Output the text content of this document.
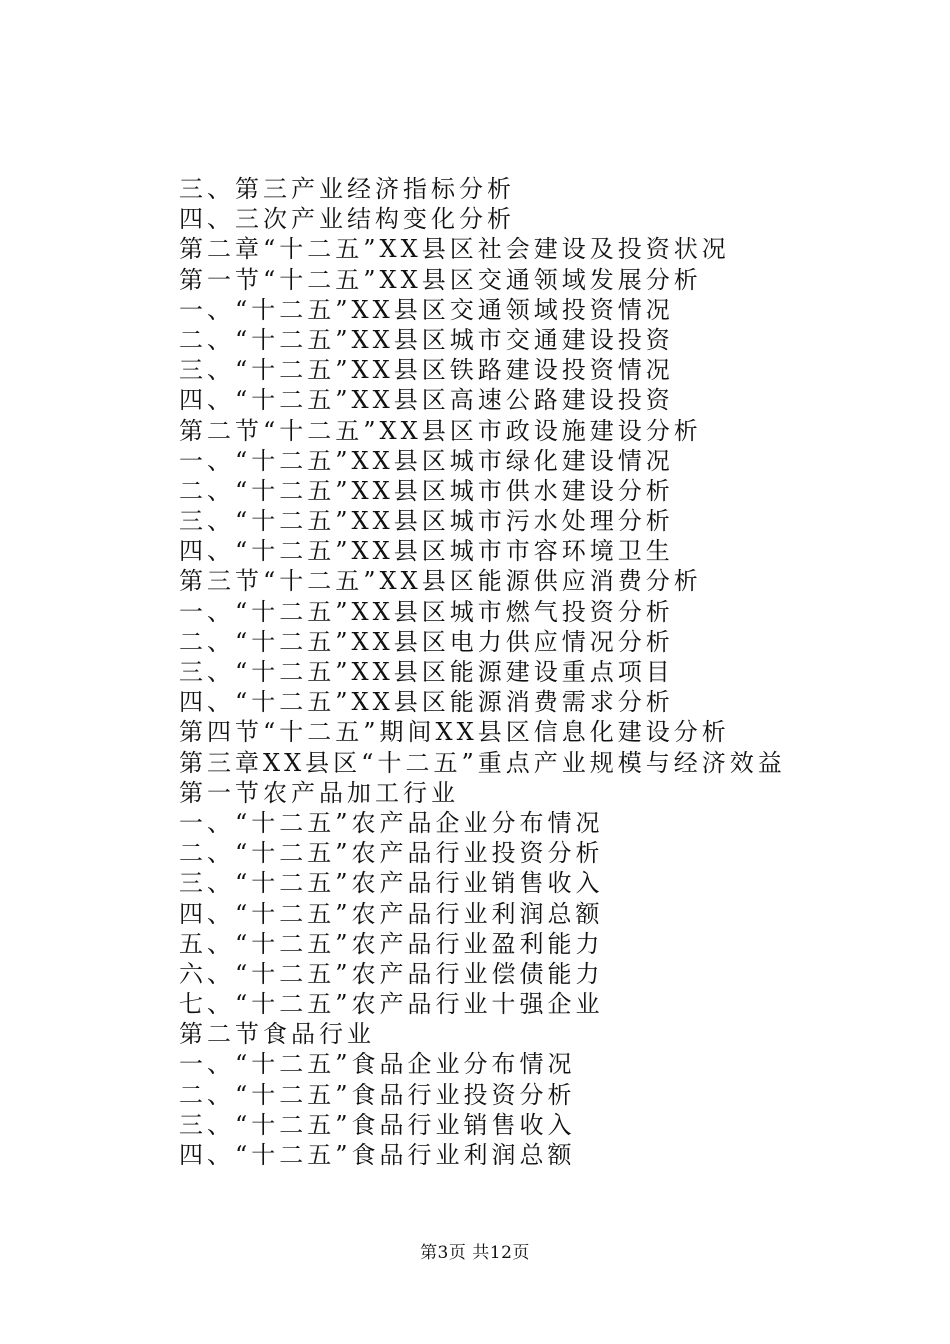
三、第三产业经济指标分析
四、三次产业结构变化分析
第二章“十二五”XX县区社会建设及投资状况
第一节“十二五”XX县区交通领域发展分析
一、“十二五”XX县区交通领域投资情况
二、“十二五”XX县区城市交通建设投资
三、“十二五”XX县区铁路建设投资情况
四、“十二五”XX县区高速公路建设投资
第二节“十二五”XX县区市政设施建设分析
一、“十二五”XX县区城市绿化建设情况
二、“十二五”XX县区城市供水建设分析
三、“十二五”XX县区城市污水处理分析
四、“十二五”XX县区城市市容环境卫生
第三节“十二五”XX县区能源供应消费分析
一、“十二五”XX县区城市燃气投资分析
二、“十二五”XX县区电力供应情况分析
三、“十二五”XX县区能源建设重点项目
四、“十二五”XX县区能源消费需求分析
第四节“十二五”期间XX县区信息化建设分析
第三章XX县区“十二五”重点产业规模与经济效益
第一节农产品加工行业
一、“十二五”农产品企业分布情况
二、“十二五”农产品行业投资分析
三、“十二五”农产品行业销售收入
四、“十二五”农产品行业利润总额
五、“十二五”农产品行业盈利能力
六、“十二五”农产品行业偿债能力
七、“十二五”农产品行业十强企业
第二节食品行业
一、“十二五”食品企业分布情况
二、“十二五”食品行业投资分析
三、“十二五”食品行业销售收入
四、“十二五”食品行业利润总额
第3页 共12页
